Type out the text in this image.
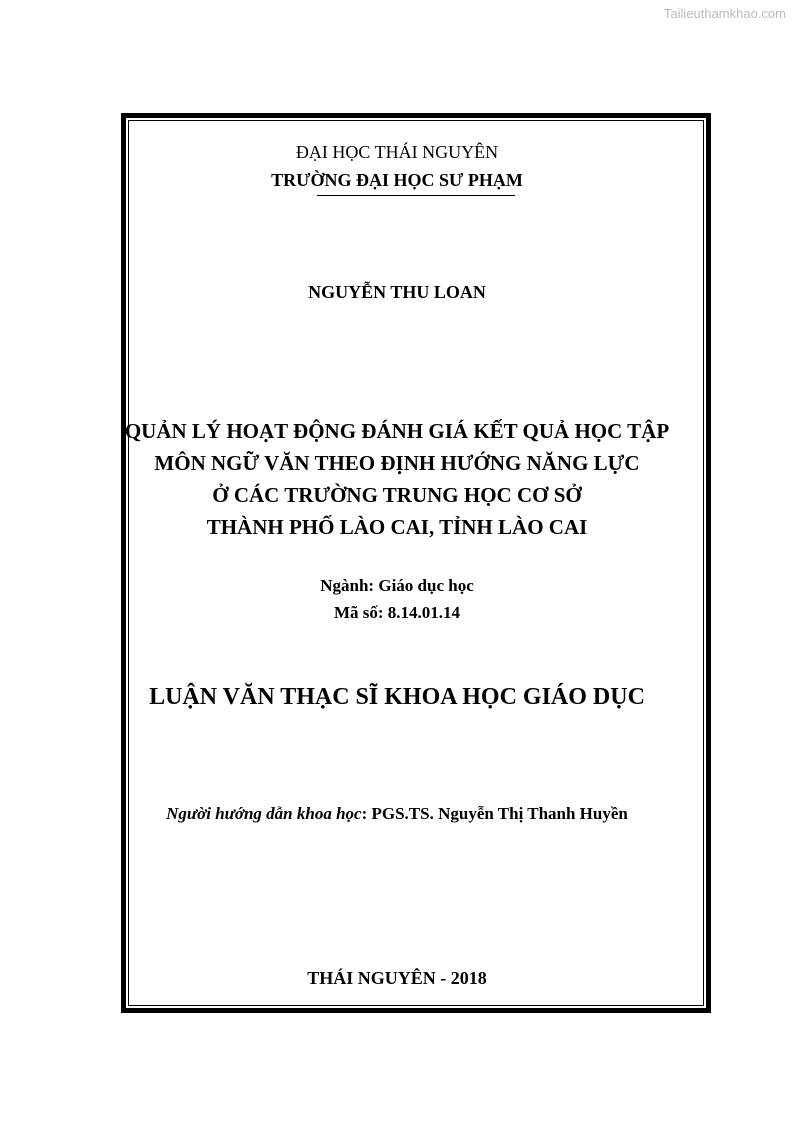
Tailieuthamkhao.com
ĐẠI HỌC THÁI NGUYÊN
TRƯỜNG ĐẠI HỌC SƯ PHẠM
NGUYỄN THU LOAN
QUẢN LÝ HOẠT ĐỘNG ĐÁNH GIÁ KẾT QUẢ HỌC TẬP
MÔN NGỮ VĂN THEO ĐỊNH HƯỚNG NĂNG LỰC
Ở CÁC TRƯỜNG TRUNG HỌC CƠ SỞ
THÀNH PHỐ LÀO CAI, TỈNH LÀO CAI
Ngành: Giáo dục học
Mã số: 8.14.01.14
LUẬN VĂN THẠC SĨ KHOA HỌC GIÁO DỤC
Người hướng dẫn khoa học: PGS.TS. Nguyễn Thị Thanh Huyền
THÁI NGUYÊN - 2018
